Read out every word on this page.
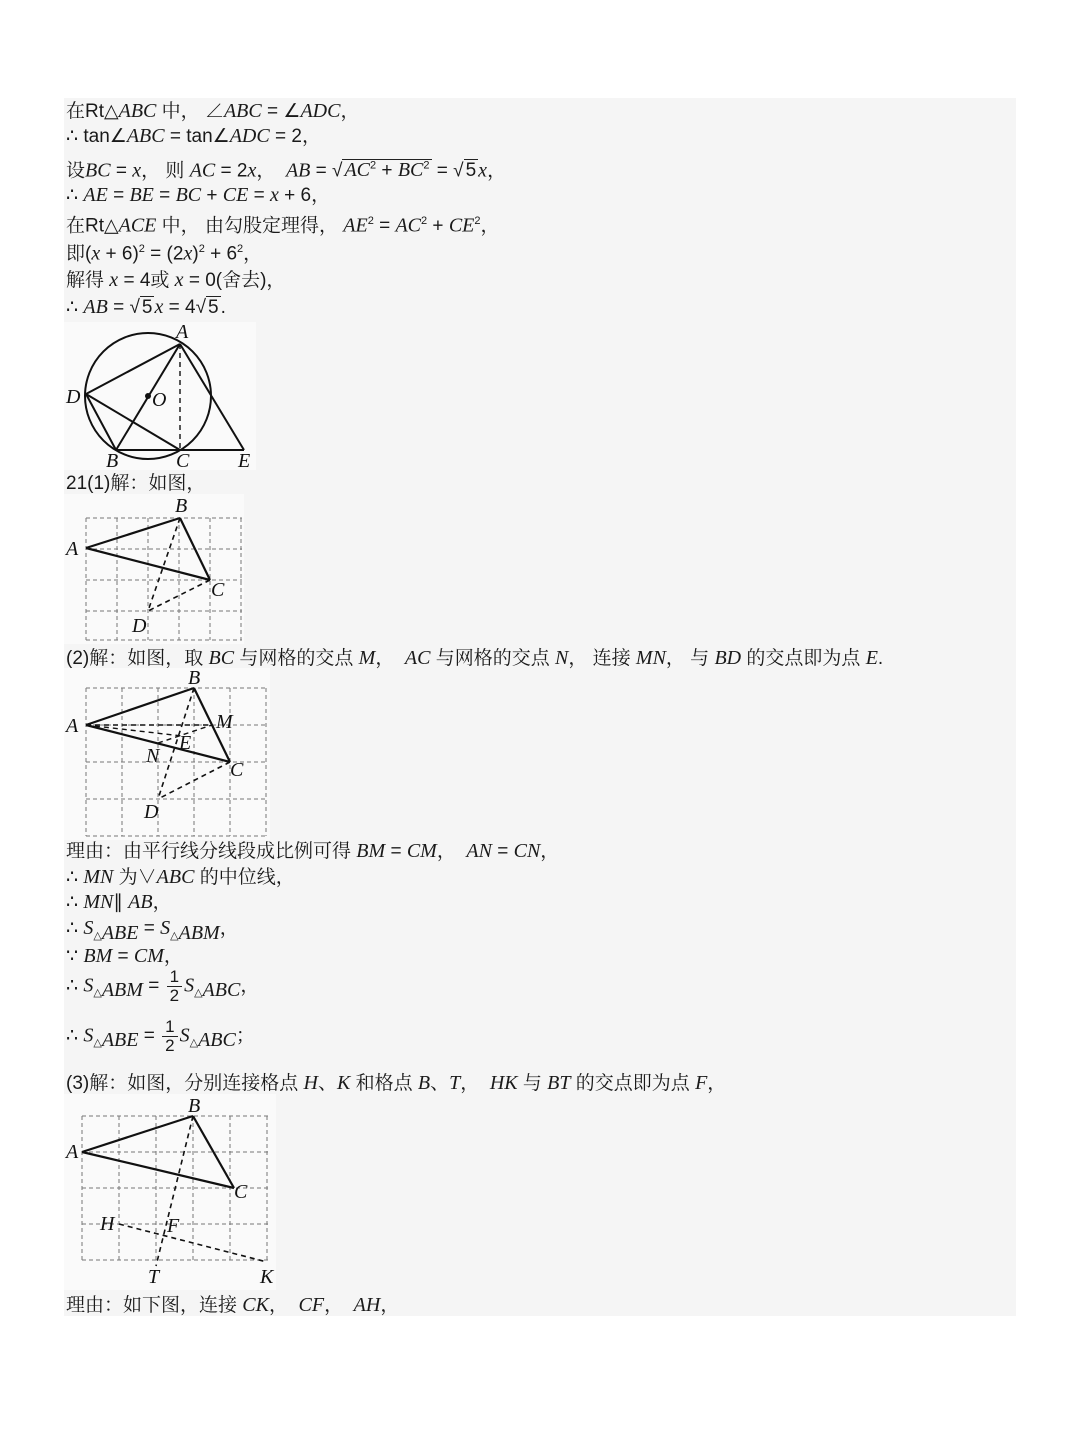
在Rt△ABC 中， ∠ABC = ∠ADC，
∴ tan∠ABC = tan∠ADC = 2，
设BC = x， 则 AC = 2x，  AB = √ $AC^2 + BC^2$ = √ 5 x，
∴ AE = BE = BC + CE = x + 6，
在Rt△ACE 中， 由勾股定理得， $AE^2 = AC^2 + CE^2$，
即$(x + 6)^2 = (2x)^2 + 6^2$，
解得 x = 4或 x = 0(舍去)，
∴ AB = √ 5 x = 4√ 5 .
A
D	O
B	C E
21(1)解：如图，
A
B
C
D
(2)解：如图，取 BC 与网格的交点 M，  AC 与网格的交点 N， 连接 MN， 与 BD 的交点即为点 E.
A
B
M
E
N
C
D
理由：由平行线分线段成比例可得 BM = CM，  AN = CN，
∴ MN 为∨ABC 的中位线，
∴ MN∥ AB，
∴ $S_{\triangle ABE} = S_{\triangle ABM}$，
∵ BM = CM，
∴ $S_{\triangle ABM} = \frac{1}{2} S_{\triangle ABC}$，
∴ $S_{\triangle ABE} = \frac{1}{2} S_{\triangle ABC}$；
(3)解：如图，分别连接格点 H、K 和格点 B、T，  HK 与 BT 的交点即为点 F，
A
B
C
H	F
T	K
理由：如下图，连接 CK，  CF，  AH，
